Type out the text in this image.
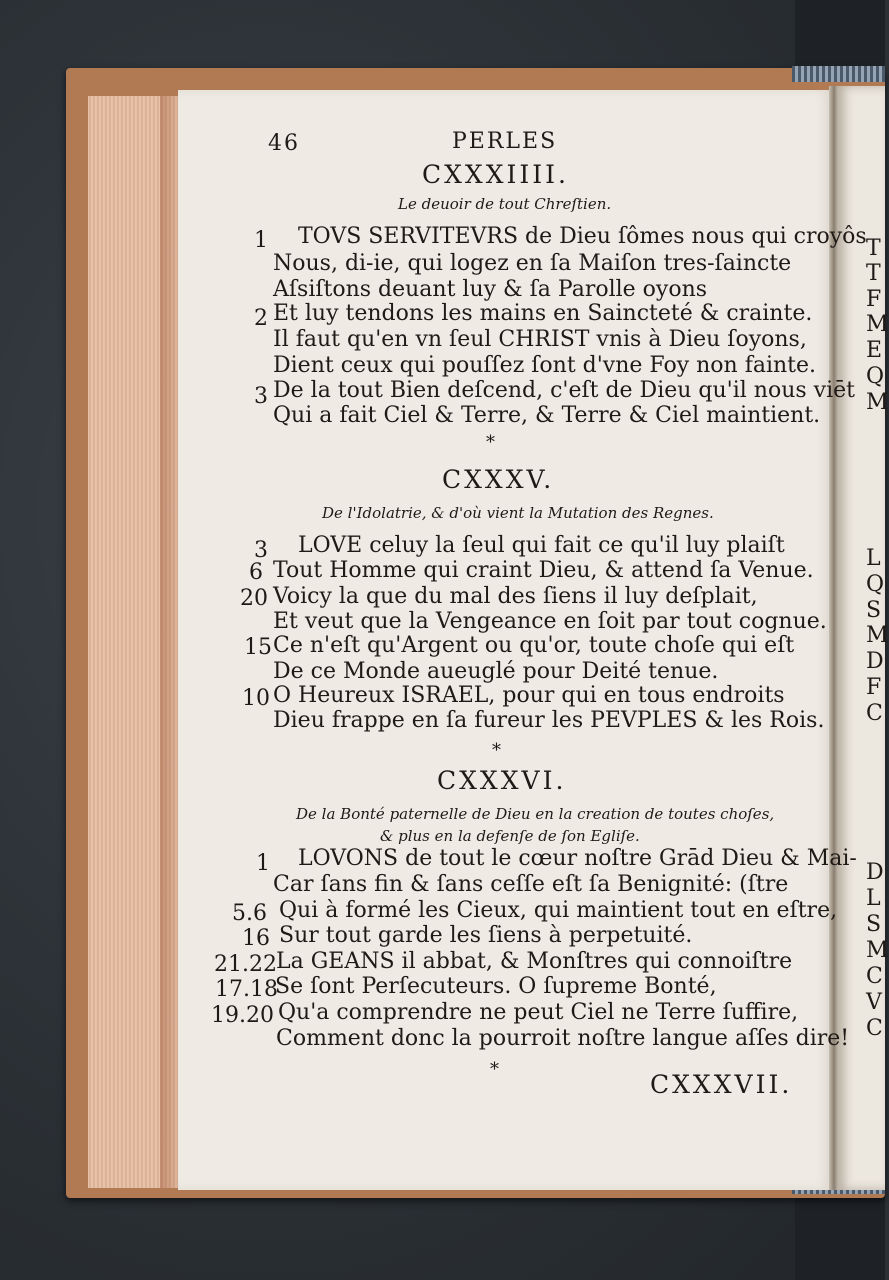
46	PERLES
CXXXIIII.
Le deuoir de tout Chreſtien.
1 TOVS SERVITEVRS de Dieu ſômes nous qui croyôs
Nous, di-ie, qui logez en ſa Maiſon tres-ſaincte
Aſsiſtons deuant luy & ſa Parolle oyons
2 Et luy tendons les mains en Saincteté & crainte.
Il faut qu'en vn ſeul CHRIST vnis à Dieu ſoyons,
Dient ceux qui pouſſez ſont d'vne Foy non fainte.
3 De la tout Bien deſcend, c'eſt de Dieu qu'il nous viēt
Qui a fait Ciel & Terre, & Terre & Ciel maintient.
*
CXXXV.
De l'Idolatrie, & d'où vient la Mutation des Regnes.
3 LOVE celuy la ſeul qui fait ce qu'il luy plaiſt
6 Tout Homme qui craint Dieu, & attend ſa Venue.
20 Voicy la que du mal des ſiens il luy deſplait,
Et veut que la Vengeance en ſoit par tout cognue.
15 Ce n'eſt qu'Argent ou qu'or, toute choſe qui eſt
De ce Monde aueuglé pour Deité tenue.
10 O Heureux ISRAEL, pour qui en tous endroits
Dieu frappe en ſa fureur les PEVPLES & les Rois.
*
CXXXVI.
De la Bonté paternelle de Dieu en la creation de toutes choſes,
& plus en la defenſe de ſon Egliſe.
1 LOVONS de tout le cœur noſtre Grād Dieu & Mai-
Car ſans fin & ſans ceſſe eſt ſa Benignité: (ſtre
5.6 Qui à formé les Cieux, qui maintient tout en eſtre,
16 Sur tout garde les ſiens à perpetuité.
21.22 La GEANS il abbat, & Monſtres qui connoiſtre
17.18
Se ſont Perſecuteurs. O ſupreme Bonté,
19.20 Qu'a comprendre ne peut Ciel ne Terre ſuffire,
Comment donc la pourroit noſtre langue aſſes dire!
*
CXXXVII.
T
T
F
M
E
Q
M
L
Q
S
M
D
F
C
D
L
S
M
C
V
C
